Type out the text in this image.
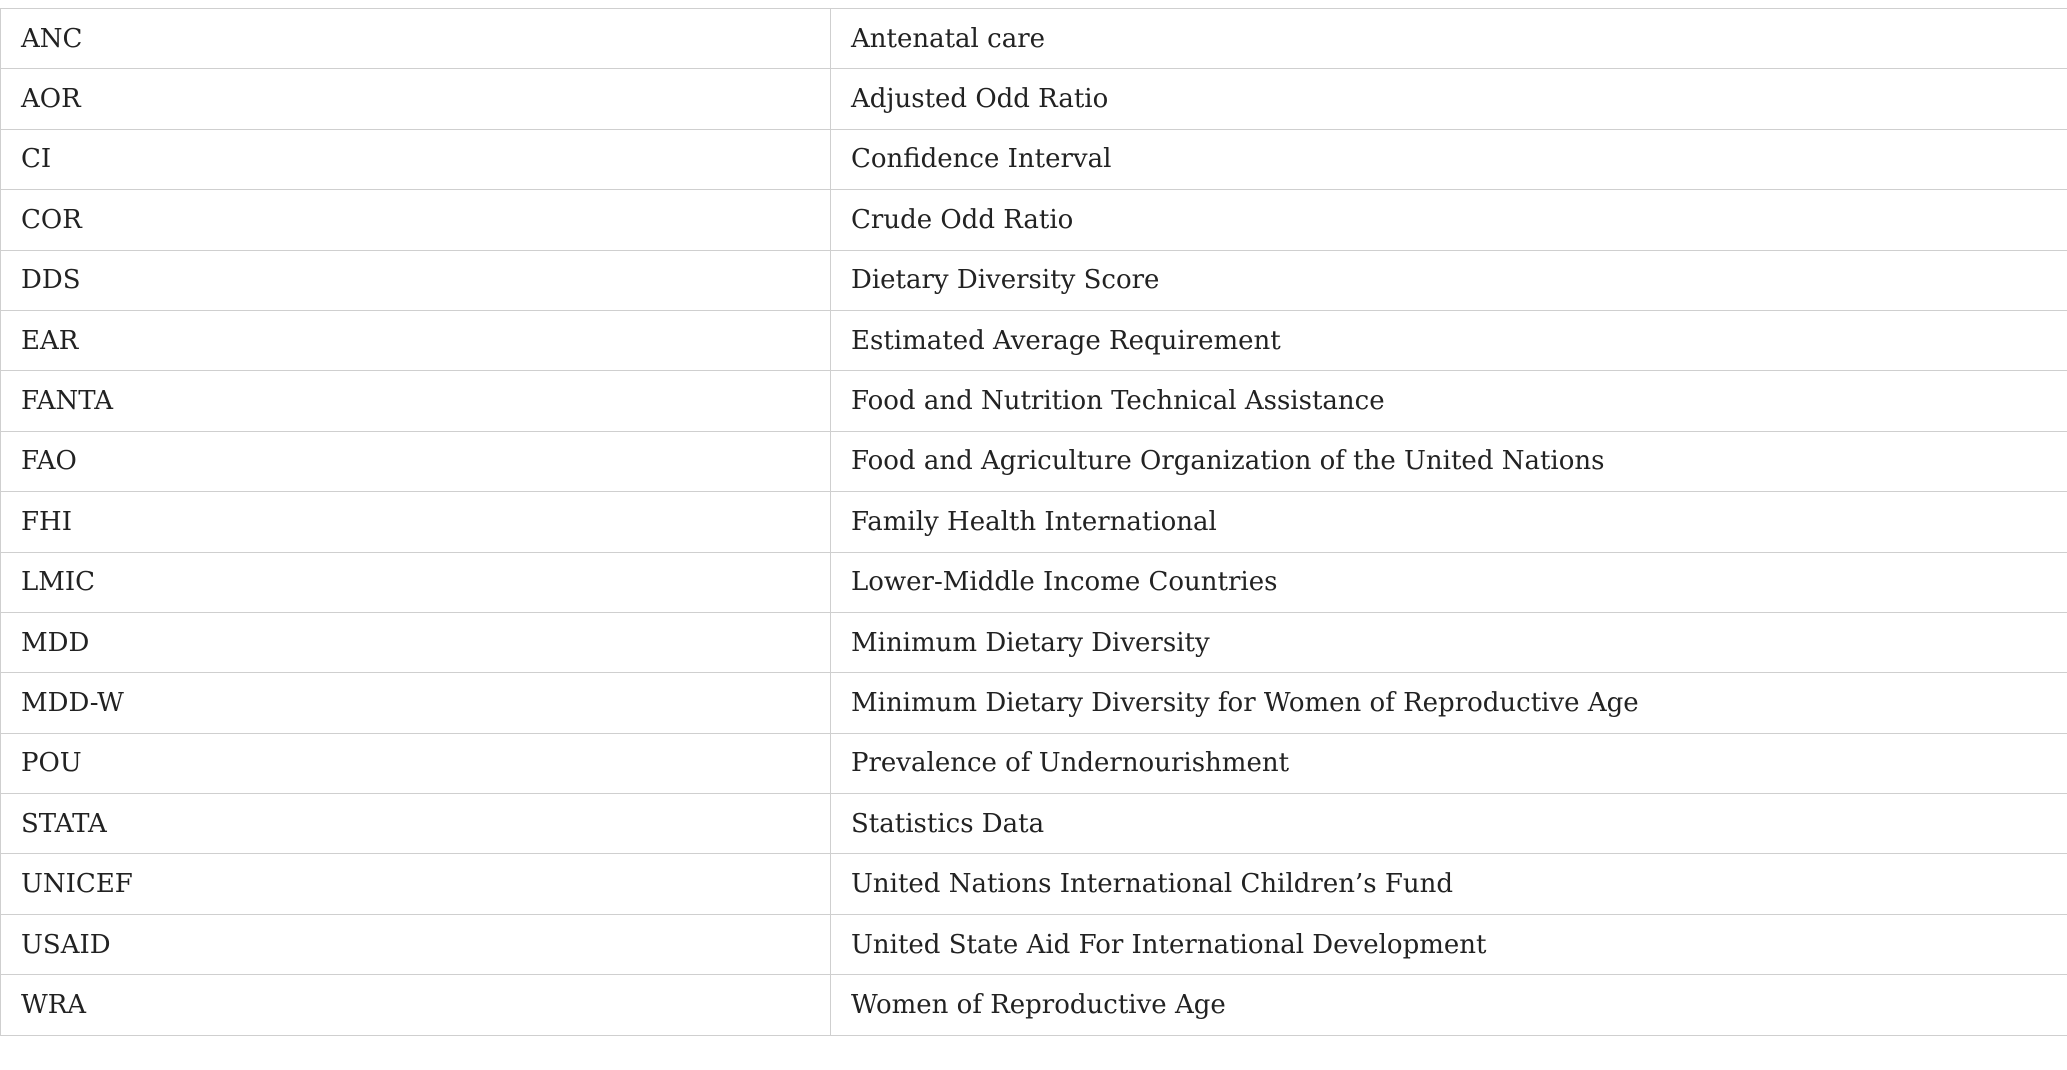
ANC	Antenatal care
AOR	Adjusted Odd Ratio
CI	Confidence Interval
COR	Crude Odd Ratio
DDS	Dietary Diversity Score
EAR	Estimated Average Requirement
FANTA	Food and Nutrition Technical Assistance
FAO	Food and Agriculture Organization of the United Nations
FHI	Family Health International
LMIC	Lower-Middle Income Countries
MDD	Minimum Dietary Diversity
MDD-W	Minimum Dietary Diversity for Women of Reproductive Age
POU	Prevalence of Undernourishment
STATA	Statistics Data
UNICEF	United Nations International Children’s Fund
USAID	United State Aid For International Development
WRA	Women of Reproductive Age
